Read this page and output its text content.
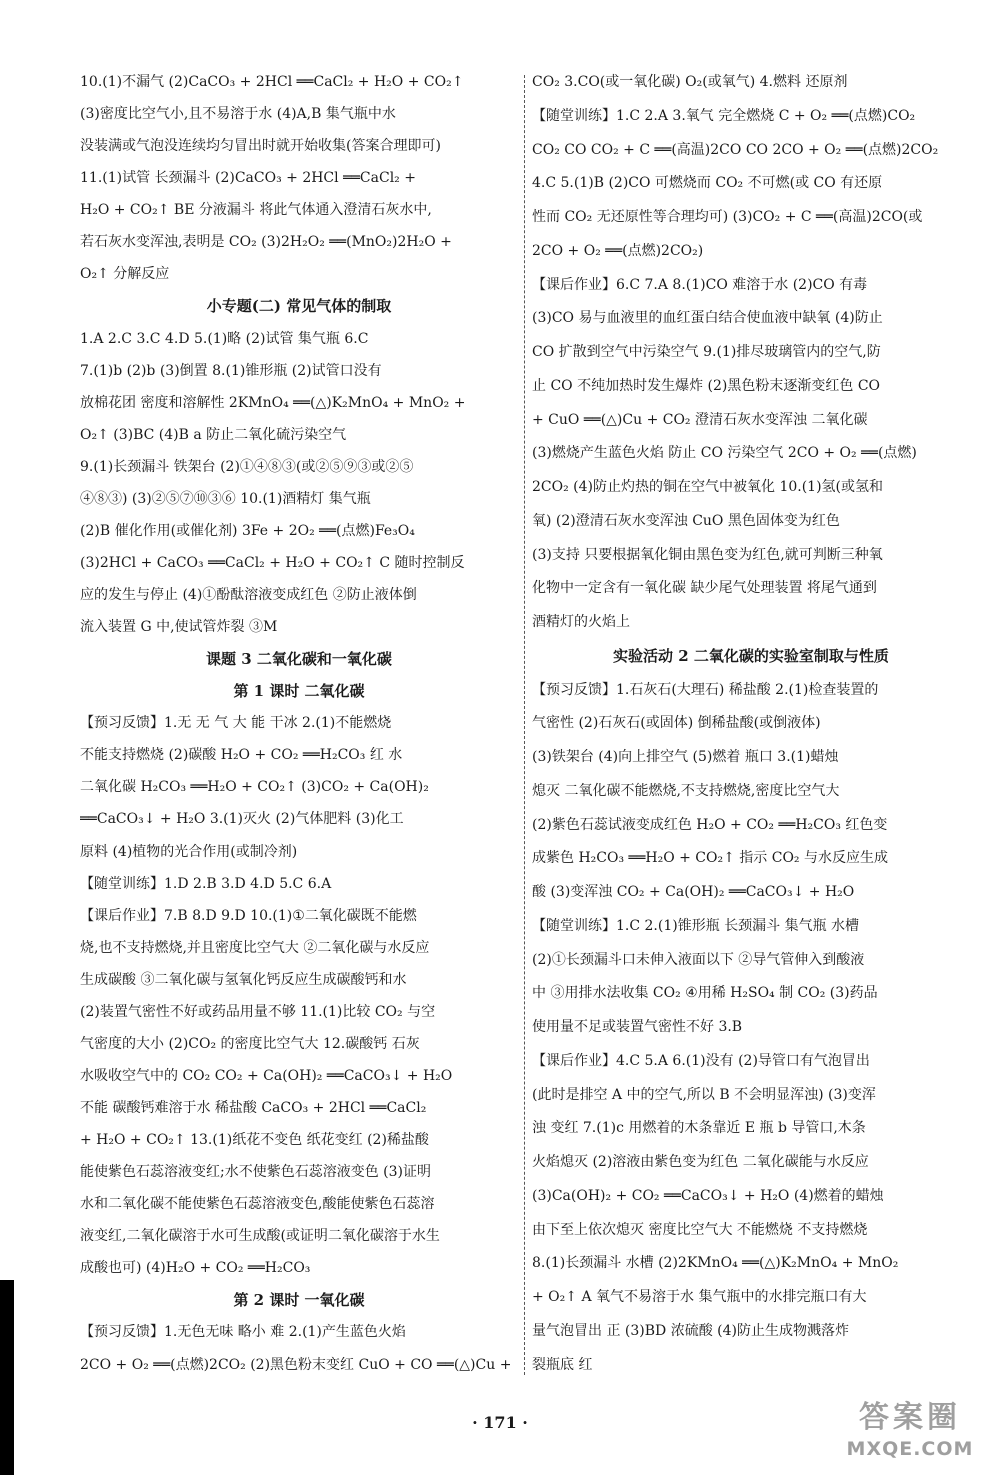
10.(1)不漏气 (2)CaCO₃ + 2HCl ══CaCl₂ + H₂O + CO₂↑
(3)密度比空气小,且不易溶于水 (4)A,B 集气瓶中水
没装满或气泡没连续均匀冒出时就开始收集(答案合理即可)
11.(1)试管 长颈漏斗 (2)CaCO₃ + 2HCl ══CaCl₂ +
H₂O + CO₂↑ BE 分液漏斗 将此气体通入澄清石灰水中,
若石灰水变浑浊,表明是 CO₂ (3)2H₂O₂ ══(MnO₂)2H₂O +
O₂↑ 分解反应
小专题(二) 常见气体的制取
1.A 2.C 3.C 4.D 5.(1)略 (2)试管 集气瓶 6.C
7.(1)b (2)b (3)倒置 8.(1)锥形瓶 (2)试管口没有
放棉花团 密度和溶解性 2KMnO₄ ══(△)K₂MnO₄ + MnO₂ +
O₂↑ (3)BC (4)B a 防止二氧化硫污染空气
9.(1)长颈漏斗 铁架台 (2)①④⑧③(或②⑤⑨③或②⑤
④⑧③) (3)②⑤⑦⑩③⑥ 10.(1)酒精灯 集气瓶
(2)B 催化作用(或催化剂) 3Fe + 2O₂ ══(点燃)Fe₃O₄
(3)2HCl + CaCO₃ ══CaCl₂ + H₂O + CO₂↑ C 随时控制反
应的发生与停止 (4)①酚酞溶液变成红色 ②防止液体倒
流入装置 G 中,使试管炸裂 ③M
课题 3 二氧化碳和一氧化碳
第 1 课时 二氧化碳
【预习反馈】1.无 无 气 大 能 干冰 2.(1)不能燃烧
不能支持燃烧 (2)碳酸 H₂O + CO₂ ══H₂CO₃ 红 水
二氧化碳 H₂CO₃ ══H₂O + CO₂↑ (3)CO₂ + Ca(OH)₂
══CaCO₃↓ + H₂O 3.(1)灭火 (2)气体肥料 (3)化工
原料 (4)植物的光合作用(或制冷剂)
【随堂训练】1.D 2.B 3.D 4.D 5.C 6.A
【课后作业】7.B 8.D 9.D 10.(1)①二氧化碳既不能燃
烧,也不支持燃烧,并且密度比空气大 ②二氧化碳与水反应
生成碳酸 ③二氧化碳与氢氧化钙反应生成碳酸钙和水
(2)装置气密性不好或药品用量不够 11.(1)比较 CO₂ 与空
气密度的大小 (2)CO₂ 的密度比空气大 12.碳酸钙 石灰
水吸收空气中的 CO₂ CO₂ + Ca(OH)₂ ══CaCO₃↓ + H₂O
不能 碳酸钙难溶于水 稀盐酸 CaCO₃ + 2HCl ══CaCl₂
+ H₂O + CO₂↑ 13.(1)纸花不变色 纸花变红 (2)稀盐酸
能使紫色石蕊溶液变红;水不使紫色石蕊溶液变色 (3)证明
水和二氧化碳不能使紫色石蕊溶液变色,酸能使紫色石蕊溶
液变红,二氧化碳溶于水可生成酸(或证明二氧化碳溶于水生
成酸也可) (4)H₂O + CO₂ ══H₂CO₃
第 2 课时 一氧化碳
【预习反馈】1.无色无味 略小 难 2.(1)产生蓝色火焰
2CO + O₂ ══(点燃)2CO₂ (2)黑色粉末变红 CuO + CO ══(△)Cu +
CO₂ 3.CO(或一氧化碳) O₂(或氧气) 4.燃料 还原剂
【随堂训练】1.C 2.A 3.氧气 完全燃烧 C + O₂ ══(点燃)CO₂
CO₂ CO CO₂ + C ══(高温)2CO CO 2CO + O₂ ══(点燃)2CO₂
4.C 5.(1)B (2)CO 可燃烧而 CO₂ 不可燃(或 CO 有还原
性而 CO₂ 无还原性等合理均可) (3)CO₂ + C ══(高温)2CO(或
2CO + O₂ ══(点燃)2CO₂)
【课后作业】6.C 7.A 8.(1)CO 难溶于水 (2)CO 有毒
(3)CO 易与血液里的血红蛋白结合使血液中缺氧 (4)防止
CO 扩散到空气中污染空气 9.(1)排尽玻璃管内的空气,防
止 CO 不纯加热时发生爆炸 (2)黑色粉末逐渐变红色 CO
+ CuO ══(△)Cu + CO₂ 澄清石灰水变浑浊 二氧化碳
(3)燃烧产生蓝色火焰 防止 CO 污染空气 2CO + O₂ ══(点燃)
2CO₂ (4)防止灼热的铜在空气中被氧化 10.(1)氢(或氢和
氧) (2)澄清石灰水变浑浊 CuO 黑色固体变为红色
(3)支持 只要根据氧化铜由黑色变为红色,就可判断三种氧
化物中一定含有一氧化碳 缺少尾气处理装置 将尾气通到
酒精灯的火焰上
实验活动 2 二氧化碳的实验室制取与性质
【预习反馈】1.石灰石(大理石) 稀盐酸 2.(1)检查装置的
气密性 (2)石灰石(或固体) 倒稀盐酸(或倒液体)
(3)铁架台 (4)向上排空气 (5)燃着 瓶口 3.(1)蜡烛
熄灭 二氧化碳不能燃烧,不支持燃烧,密度比空气大
(2)紫色石蕊试液变成红色 H₂O + CO₂ ══H₂CO₃ 红色变
成紫色 H₂CO₃ ══H₂O + CO₂↑ 指示 CO₂ 与水反应生成
酸 (3)变浑浊 CO₂ + Ca(OH)₂ ══CaCO₃↓ + H₂O
【随堂训练】1.C 2.(1)锥形瓶 长颈漏斗 集气瓶 水槽
(2)①长颈漏斗口未伸入液面以下 ②导气管伸入到酸液
中 ③用排水法收集 CO₂ ④用稀 H₂SO₄ 制 CO₂ (3)药品
使用量不足或装置气密性不好 3.B
【课后作业】4.C 5.A 6.(1)没有 (2)导管口有气泡冒出
(此时是排空 A 中的空气,所以 B 不会明显浑浊) (3)变浑
浊 变红 7.(1)c 用燃着的木条靠近 E 瓶 b 导管口,木条
火焰熄灭 (2)溶液由紫色变为红色 二氧化碳能与水反应
(3)Ca(OH)₂ + CO₂ ══CaCO₃↓ + H₂O (4)燃着的蜡烛
由下至上依次熄灭 密度比空气大 不能燃烧 不支持燃烧
8.(1)长颈漏斗 水槽 (2)2KMnO₄ ══(△)K₂MnO₄ + MnO₂
+ O₂↑ A 氧气不易溶于水 集气瓶中的水排完瓶口有大
量气泡冒出 正 (3)BD 浓硫酸 (4)防止生成物溅落炸
裂瓶底 红
· 171 ·	答案圈
MXQE.COM
